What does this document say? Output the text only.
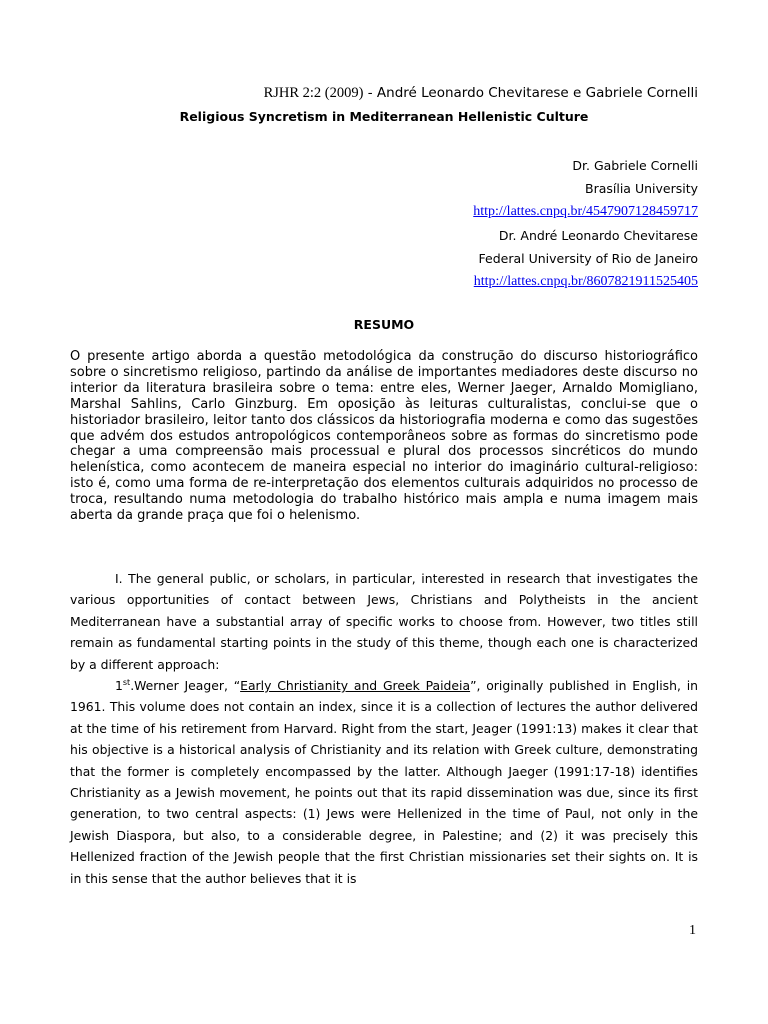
RJHR 2:2 (2009) - André Leonardo Chevitarese e Gabriele Cornelli
Religious Syncretism in Mediterranean Hellenistic Culture
Dr. Gabriele Cornelli
Brasília University
http://lattes.cnpq.br/4547907128459717
Dr. André Leonardo Chevitarese
Federal University of Rio de Janeiro
http://lattes.cnpq.br/8607821911525405
RESUMO
O presente artigo aborda a questão metodológica da construção do discurso historiográfico sobre o sincretismo religioso, partindo da análise de importantes mediadores deste discurso no interior da literatura brasileira sobre o tema: entre eles, Werner Jaeger, Arnaldo Momigliano, Marshal Sahlins, Carlo Ginzburg. Em oposição às leituras culturalistas, conclui-se que o historiador brasileiro, leitor tanto dos clássicos da historiografia moderna e como das sugestões que advém dos estudos antropológicos contemporâneos sobre as formas do sincretismo pode chegar a uma compreensão mais processual e plural dos processos sincréticos do mundo helenística, como acontecem de maneira especial no interior do imaginário cultural-religioso: isto é, como uma forma de re-interpretação dos elementos culturais adquiridos no processo de troca, resultando numa metodologia do trabalho histórico mais ampla e numa imagem mais aberta da grande praça que foi o helenismo.

I. The general public, or scholars, in particular, interested in research that investigates the various opportunities of contact between Jews, Christians and Polytheists in the ancient Mediterranean have a substantial array of specific works to choose from. However, two titles still remain as fundamental starting points in the study of this theme, though each one is characterized by a different approach:

1st.Werner Jeager, “Early Christianity and Greek Paideia”, originally published in English, in 1961. This volume does not contain an index, since it is a collection of lectures the author delivered at the time of his retirement from Harvard. Right from the start, Jeager (1991:13) makes it clear that his objective is a historical analysis of Christianity and its relation with Greek culture, demonstrating that the former is completely encompassed by the latter. Although Jaeger (1991:17-18) identifies Christianity as a Jewish movement, he points out that its rapid dissemination was due, since its first generation, to two central aspects: (1) Jews were Hellenized in the time of Paul, not only in the Jewish Diaspora, but also, to a considerable degree, in Palestine; and (2) it was precisely this Hellenized fraction of the Jewish people that the first Christian missionaries set their sights on. It is in this sense that the author believes that it is

1
